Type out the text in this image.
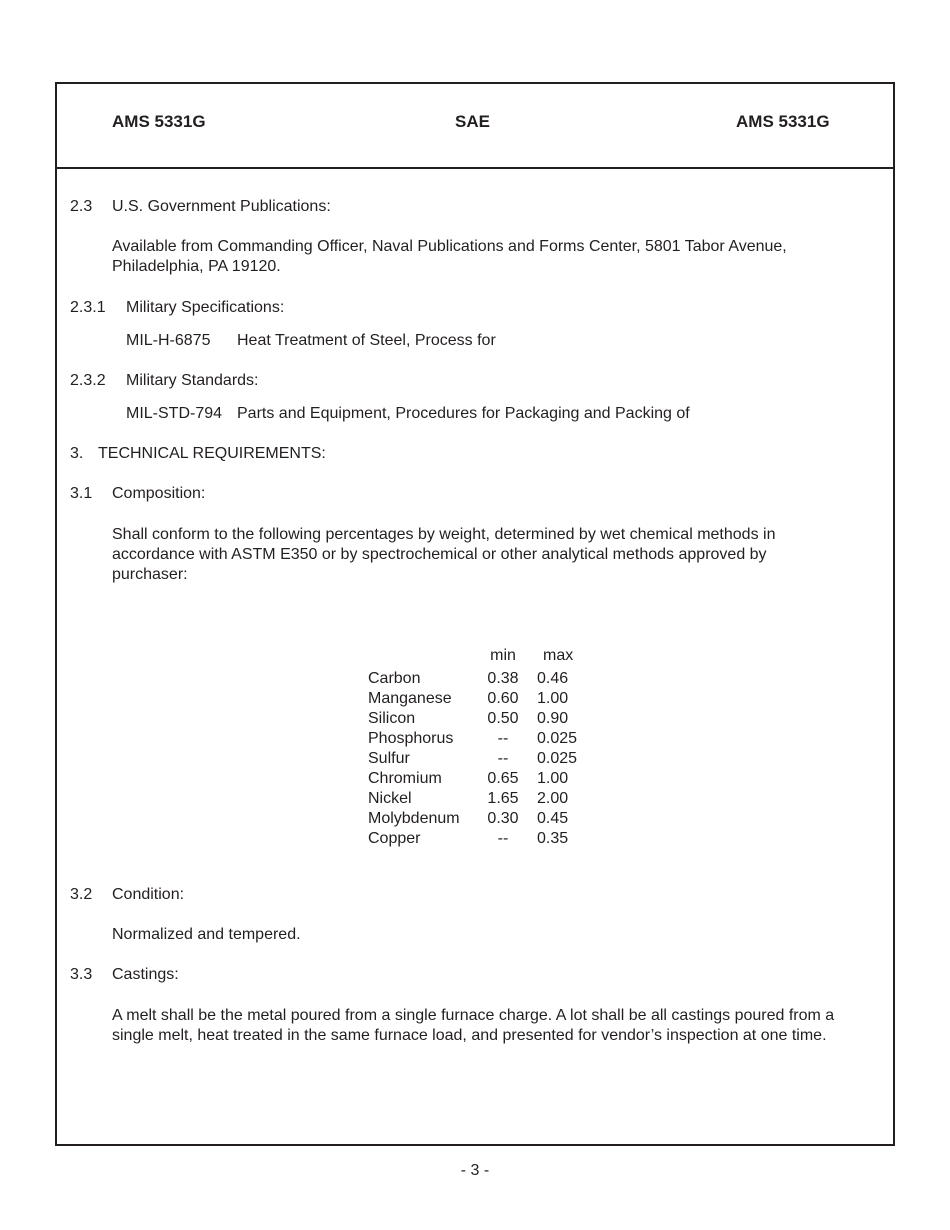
AMS 5331G	SAE	AMS 5331G
2.3 U.S. Government Publications:
Available from Commanding Officer, Naval Publications and Forms Center, 5801 Tabor Avenue, Philadelphia, PA 19120.
2.3.1 Military Specifications:
MIL-H-6875 Heat Treatment of Steel, Process for
2.3.2 Military Standards:
MIL-STD-794 Parts and Equipment, Procedures for Packaging and Packing of
3. TECHNICAL REQUIREMENTS:
3.1 Composition:
Shall conform to the following percentages by weight, determined by wet chemical methods in accordance with ASTM E350 or by spectrochemical or other analytical methods approved by purchaser:
min max
Carbon	0.38 0.46
Manganese 0.60 1.00
Silicon	0.50 0.90
Phosphorus	--	0.025
Sulfur	--	0.025
Chromium	0.65 1.00
Nickel	1.65 2.00
Molybdenum 0.30 0.45
Copper	--	0.35
3.2 Condition:
Normalized and tempered.
3.3 Castings:
A melt shall be the metal poured from a single furnace charge. A lot shall be all castings poured from a single melt, heat treated in the same furnace load, and presented for vendor’s inspection at one time.
- 3 -
